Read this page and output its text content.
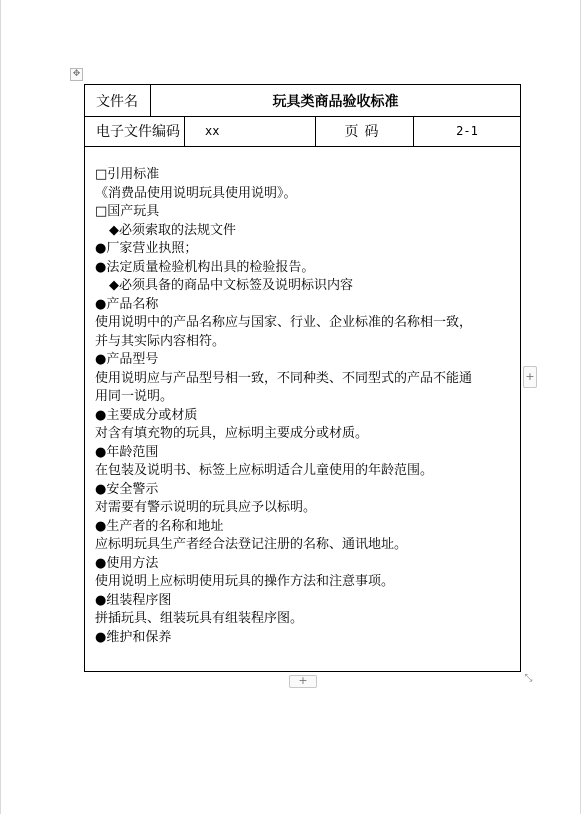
✥
文件名	玩具类商品验收标准
电子文件编码 xx	页码	2-1
□引用标准
《消费品使用说明玩具使用说明》。
□国产玩具
◆必须索取的法规文件
●厂家营业执照；
●法定质量检验机构出具的检验报告。
◆必须具备的商品中文标签及说明标识内容
●产品名称
使用说明中的产品名称应与国家、行业、企业标准的名称相一致，
并与其实际内容相符。
●产品型号
使用说明应与产品型号相一致，不同种类、不同型式的产品不能通
用同一说明。
●主要成分或材质
对含有填充物的玩具，应标明主要成分或材质。
●年龄范围
在包装及说明书、标签上应标明适合儿童使用的年龄范围。
●安全警示
对需要有警示说明的玩具应予以标明。
●生产者的名称和地址
应标明玩具生产者经合法登记注册的名称、通讯地址。
●使用方法
使用说明上应标明使用玩具的操作方法和注意事项。
●组装程序图
拼插玩具、组装玩具有组装程序图。
●维护和保养
+
+	⤡
